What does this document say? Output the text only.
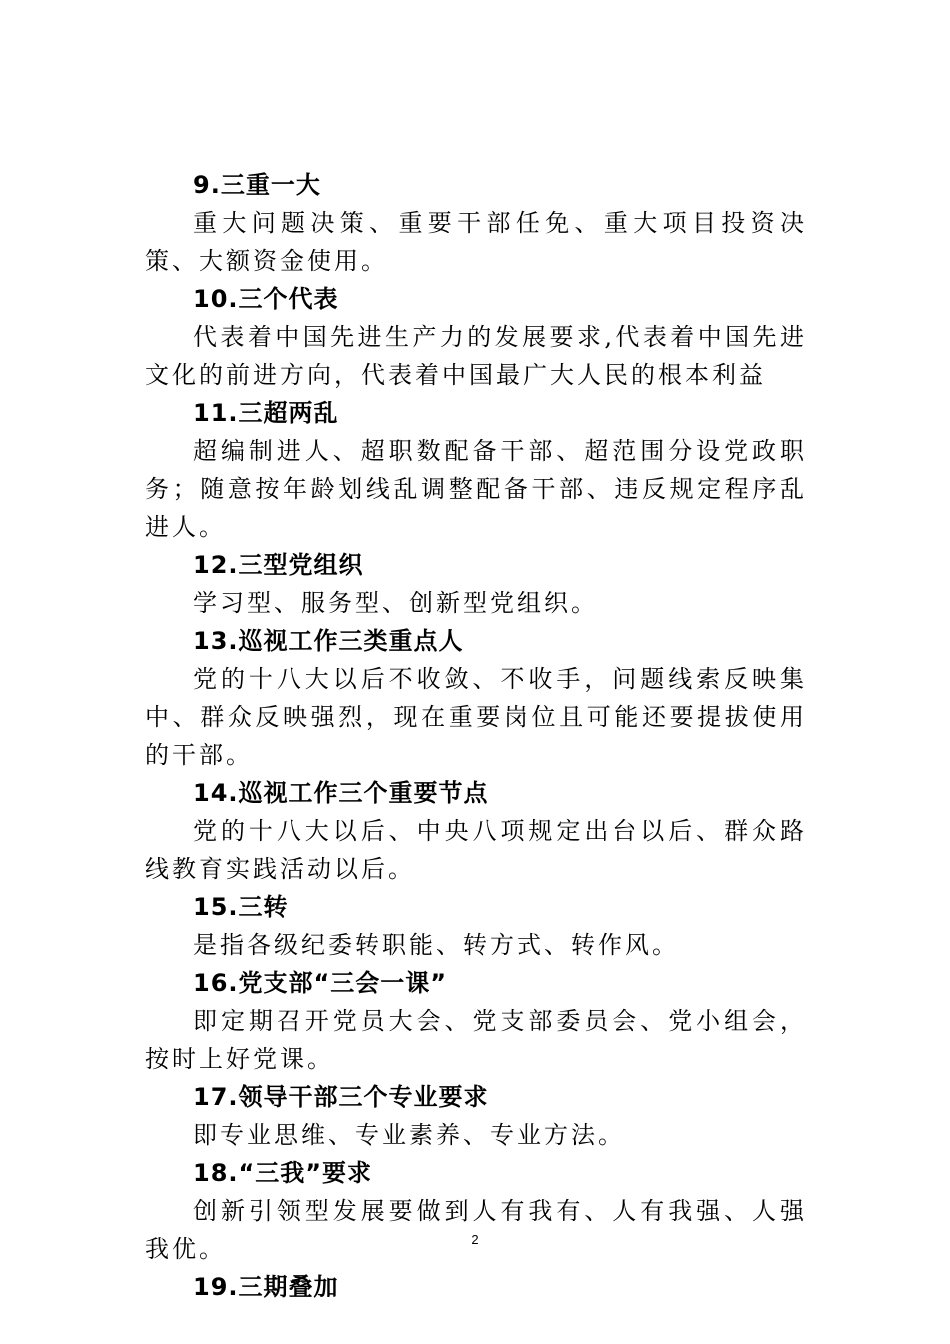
9.三重一大
重大问题决策、重要干部任免、重大项目投资决策、大额资金使用。
10.三个代表
代表着中国先进生产力的发展要求,代表着中国先进文化的前进方向，代表着中国最广大人民的根本利益
11.三超两乱
超编制进人、超职数配备干部、超范围分设党政职务；随意按年龄划线乱调整配备干部、违反规定程序乱进人。
12.三型党组织
学习型、服务型、创新型党组织。
13.巡视工作三类重点人
党的十八大以后不收敛、不收手，问题线索反映集中、群众反映强烈，现在重要岗位且可能还要提拔使用的干部。
14.巡视工作三个重要节点
党的十八大以后、中央八项规定出台以后、群众路线教育实践活动以后。
15.三转
是指各级纪委转职能、转方式、转作风。
16.党支部“三会一课”
即定期召开党员大会、党支部委员会、党小组会，按时上好党课。
17.领导干部三个专业要求
即专业思维、专业素养、专业方法。
18.“三我”要求
创新引领型发展要做到人有我有、人有我强、人强我优。
19.三期叠加
2
